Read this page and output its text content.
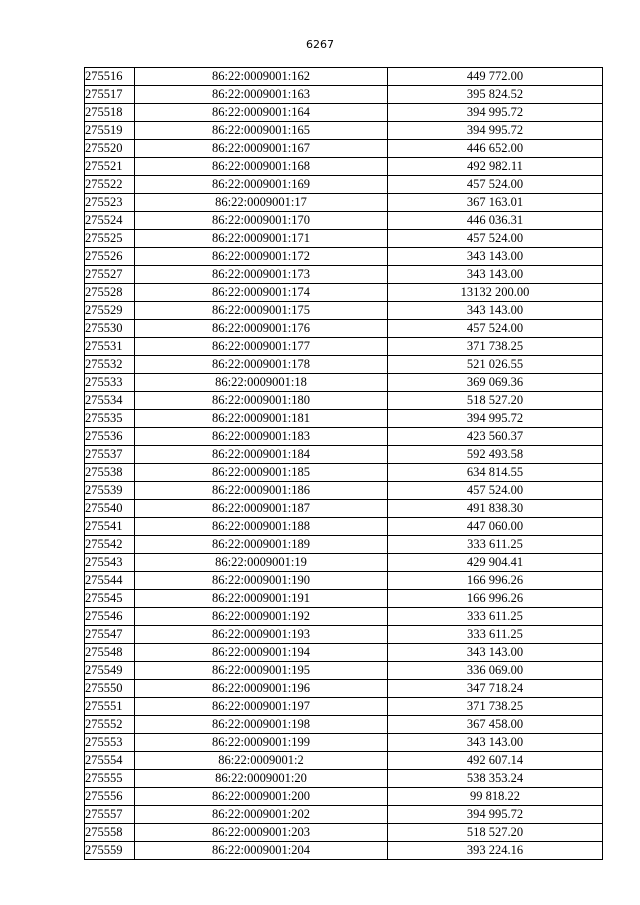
6267
275516	86:22:0009001:162	449 772.00
275517	86:22:0009001:163	395 824.52
275518	86:22:0009001:164	394 995.72
275519	86:22:0009001:165	394 995.72
275520	86:22:0009001:167	446 652.00
275521	86:22:0009001:168	492 982.11
275522	86:22:0009001:169	457 524.00
275523	86:22:0009001:17	367 163.01
275524	86:22:0009001:170	446 036.31
275525	86:22:0009001:171	457 524.00
275526	86:22:0009001:172	343 143.00
275527	86:22:0009001:173	343 143.00
275528	86:22:0009001:174	13132 200.00
275529	86:22:0009001:175	343 143.00
275530	86:22:0009001:176	457 524.00
275531	86:22:0009001:177	371 738.25
275532	86:22:0009001:178	521 026.55
275533	86:22:0009001:18	369 069.36
275534	86:22:0009001:180	518 527.20
275535	86:22:0009001:181	394 995.72
275536	86:22:0009001:183	423 560.37
275537	86:22:0009001:184	592 493.58
275538	86:22:0009001:185	634 814.55
275539	86:22:0009001:186	457 524.00
275540	86:22:0009001:187	491 838.30
275541	86:22:0009001:188	447 060.00
275542	86:22:0009001:189	333 611.25
275543	86:22:0009001:19	429 904.41
275544	86:22:0009001:190	166 996.26
275545	86:22:0009001:191	166 996.26
275546	86:22:0009001:192	333 611.25
275547	86:22:0009001:193	333 611.25
275548	86:22:0009001:194	343 143.00
275549	86:22:0009001:195	336 069.00
275550	86:22:0009001:196	347 718.24
275551	86:22:0009001:197	371 738.25
275552	86:22:0009001:198	367 458.00
275553	86:22:0009001:199	343 143.00
275554	86:22:0009001:2	492 607.14
275555	86:22:0009001:20	538 353.24
275556	86:22:0009001:200	99 818.22
275557	86:22:0009001:202	394 995.72
275558	86:22:0009001:203	518 527.20
275559	86:22:0009001:204	393 224.16
